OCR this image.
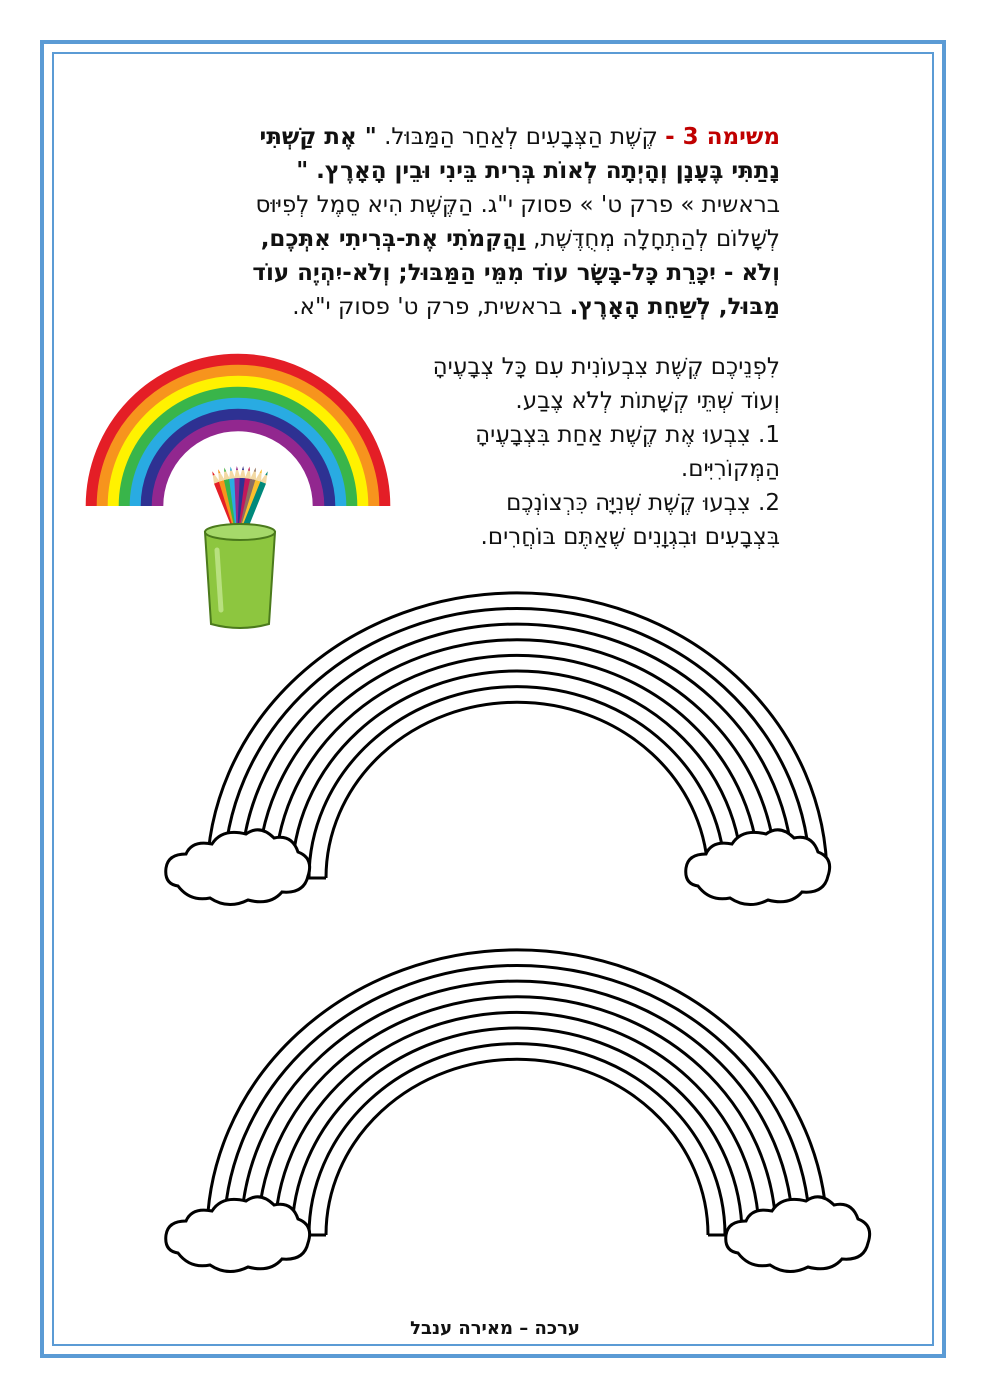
משימה 3 - קֶשֶׁת הַצְּבָעִים לְאַחַר הַמַּבּוּל. " אֶת קַשְׁתִּי
נָתַתִּי בֶּעָנָן וְהָיְתָה לְאוֹת בְּרִית בֵּינִי וּבֵין הָאָרֶץ. "
בראשית » פרק ט' » פסוק י"ג. הַקֶּשֶׁת הִיא סֵמֶל לְפִיּוּס
לְשָׁלוֹם לְהַתְחָלָה מְחֻדֶּשֶׁת, וַהֲקִמֹתִי אֶת-בְּרִיתִי אִתְּכֶם,
וְלֹא - יִכָּרֵת כָּל-בָּשָׂר עוֹד מִמֵּי הַמַּבּוּל; וְלֹא-יִהְיֶה עוֹד
מַבּוּל, לְשַׁחֵת הָאָרֶץ. בראשית, פרק ט' פסוק י"א.
לִפְנֵיכֶם קֶשֶׁת צִבְעוֹנִית עִם כָּל צְבָעֶיהָ
וְעוֹד שְׁתֵּי קְשָׁתוֹת לְלֹא צֶבַע.
1. צִבְעוּ אֶת קֶשֶׁת אַחַת בִּצְבָעֶיהָ
הַמְּקוֹרִיִּים.
2. צִבְעוּ קֶשֶׁת שְׁנִיָּה כִּרְצוֹנְכֶם
בִּצְבָעִים וּבִגְוָנִים שֶׁאַתֶּם בּוֹחֲרִים.
ערכה – מאירה ענבל
